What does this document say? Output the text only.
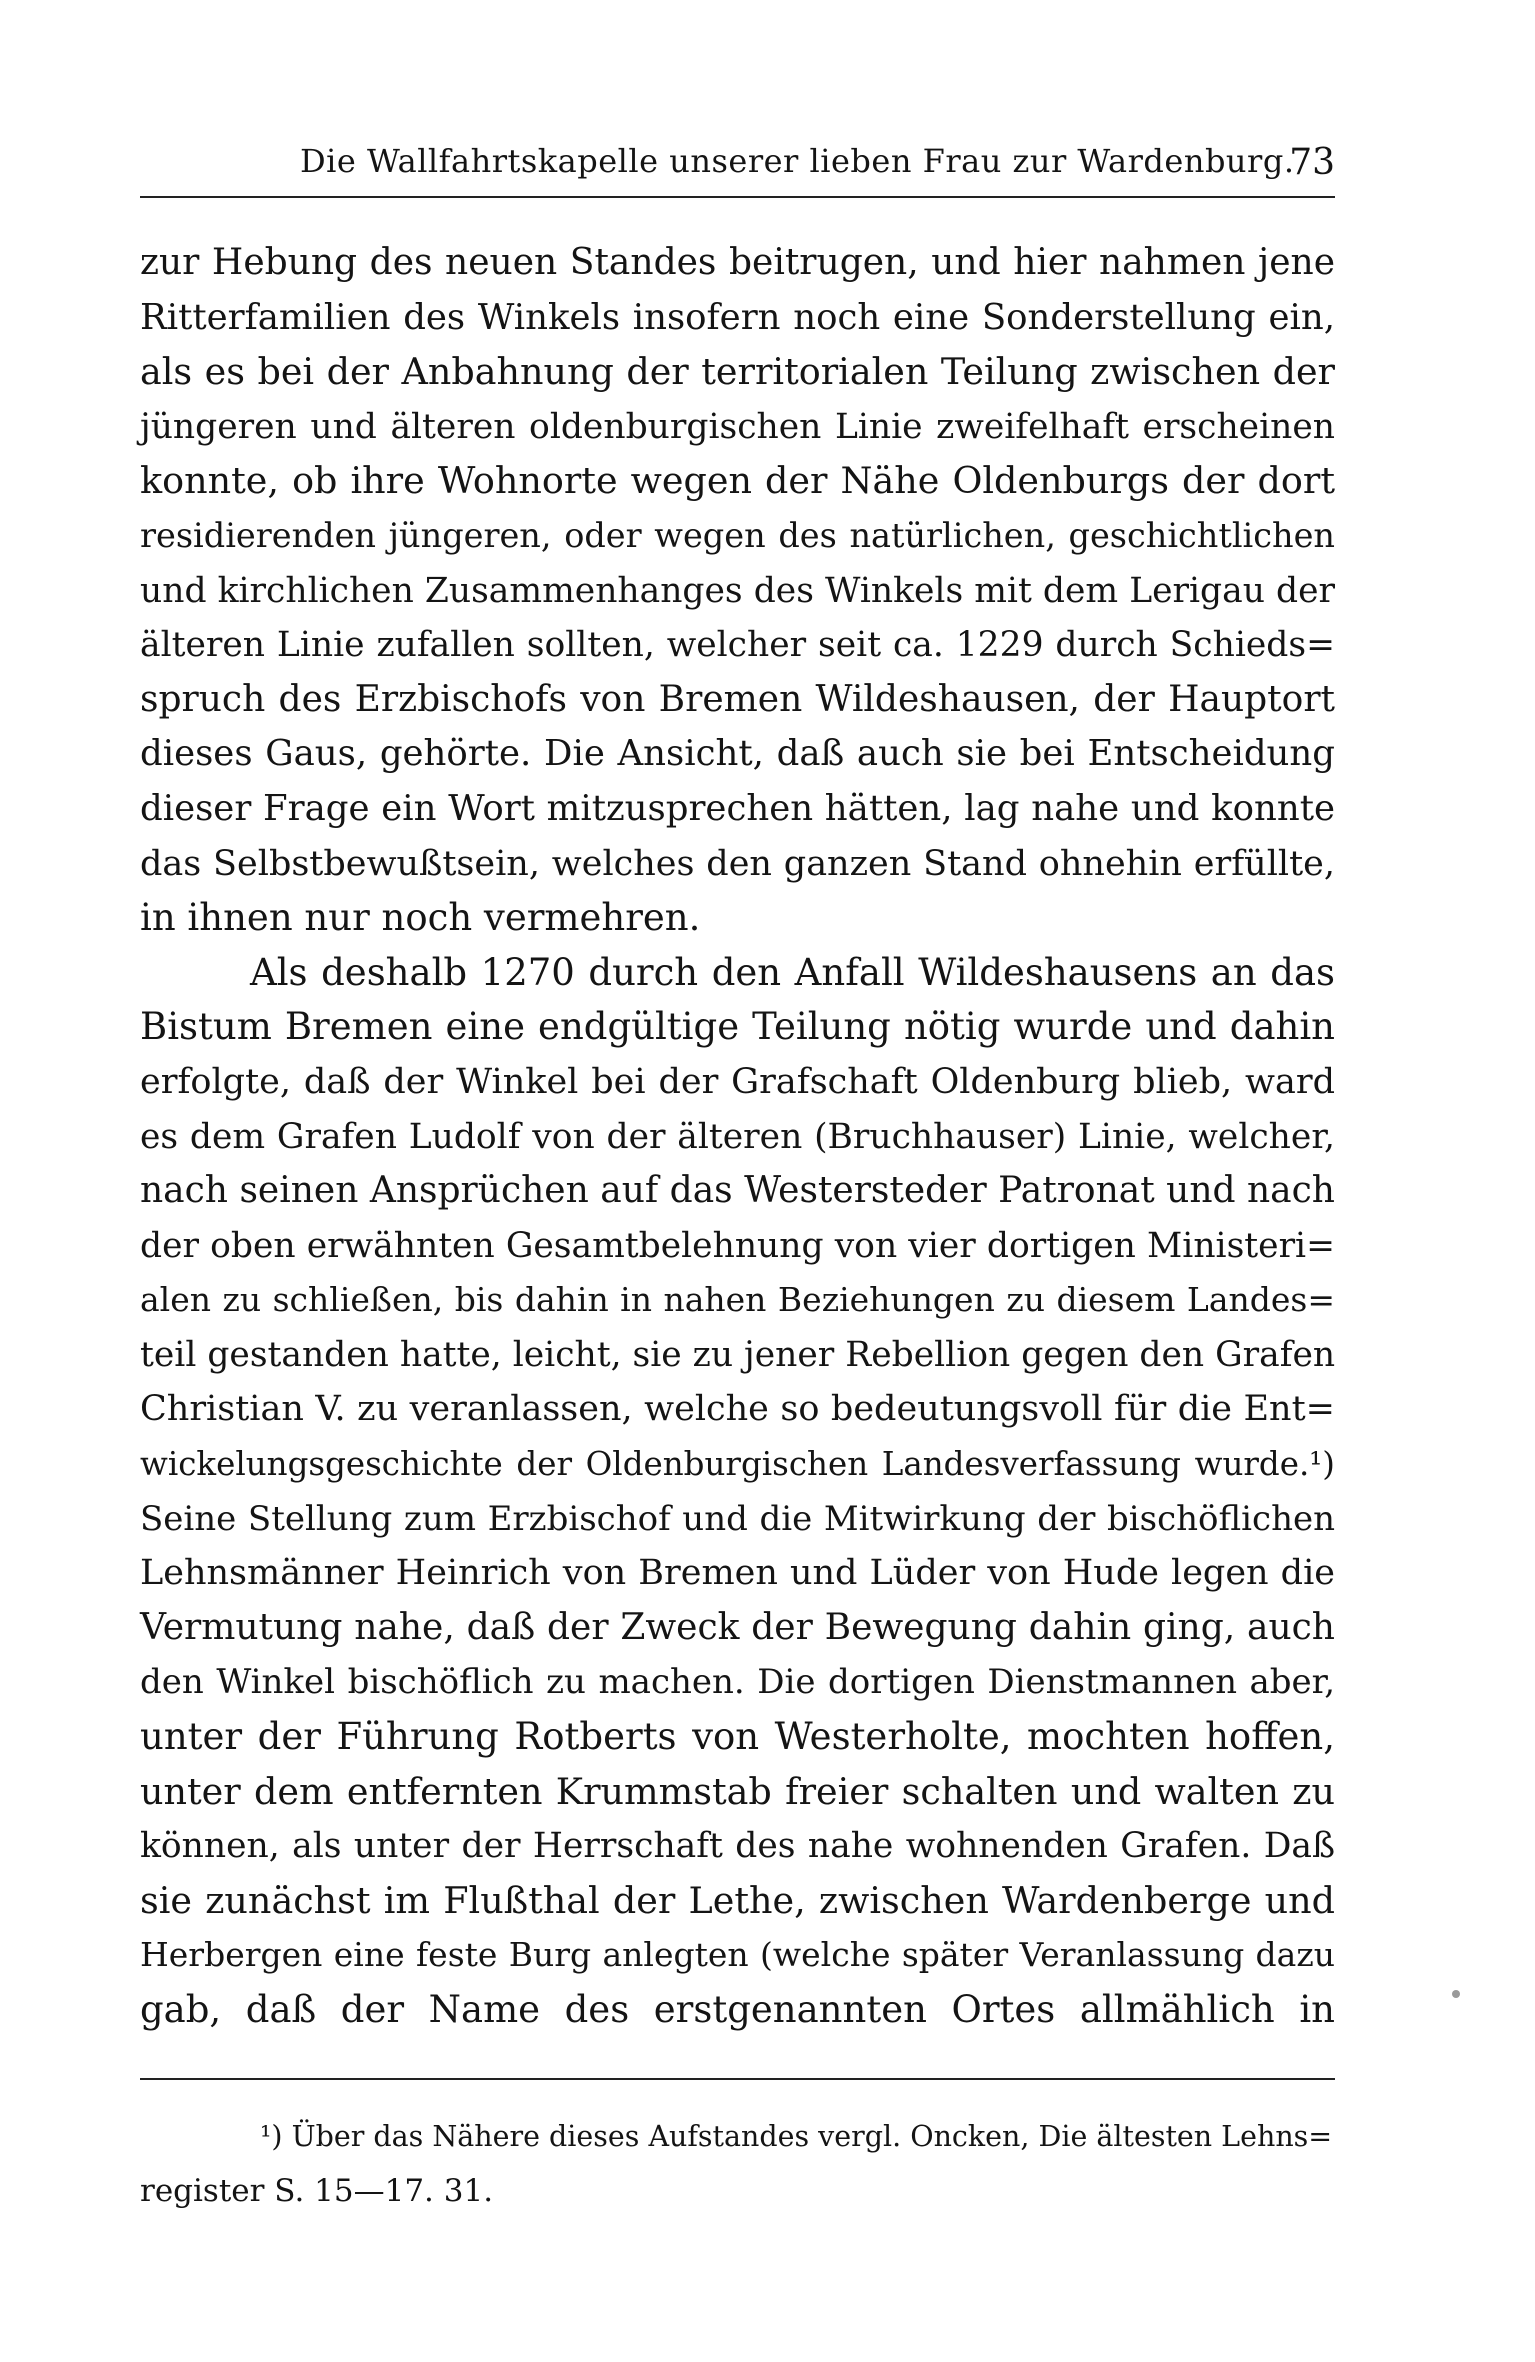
Die Wallfahrtskapelle unserer lieben Frau zur Wardenburg.
73
zur Hebung des neuen Standes beitrugen, und hier nahmen jene
Ritterfamilien des Winkels insofern noch eine Sonderstellung ein,
als es bei der Anbahnung der territorialen Teilung zwischen der
jüngeren und älteren oldenburgischen Linie zweifelhaft erscheinen
konnte, ob ihre Wohnorte wegen der Nähe Oldenburgs der dort
residierenden jüngeren, oder wegen des natürlichen, geschichtlichen
und kirchlichen Zusammenhanges des Winkels mit dem Lerigau der
älteren Linie zufallen sollten, welcher seit ca. 1229 durch Schieds=
spruch des Erzbischofs von Bremen Wildeshausen, der Hauptort
dieses Gaus, gehörte. Die Ansicht, daß auch sie bei Entscheidung
dieser Frage ein Wort mitzusprechen hätten, lag nahe und konnte
das Selbstbewußtsein, welches den ganzen Stand ohnehin erfüllte,
in ihnen nur noch vermehren.
Als deshalb 1270 durch den Anfall Wildeshausens an das
Bistum Bremen eine endgültige Teilung nötig wurde und dahin
erfolgte, daß der Winkel bei der Grafschaft Oldenburg blieb, ward
es dem Grafen Ludolf von der älteren (Bruchhauser) Linie, welcher,
nach seinen Ansprüchen auf das Westersteder Patronat und nach
der oben erwähnten Gesamtbelehnung von vier dortigen Ministeri=
alen zu schließen, bis dahin in nahen Beziehungen zu diesem Landes=
teil gestanden hatte, leicht, sie zu jener Rebellion gegen den Grafen
Christian V. zu veranlassen, welche so bedeutungsvoll für die Ent=
wickelungsgeschichte der Oldenburgischen Landesverfassung wurde.¹)
Seine Stellung zum Erzbischof und die Mitwirkung der bischöflichen
Lehnsmänner Heinrich von Bremen und Lüder von Hude legen die
Vermutung nahe, daß der Zweck der Bewegung dahin ging, auch
den Winkel bischöflich zu machen. Die dortigen Dienstmannen aber,
unter der Führung Rotberts von Westerholte, mochten hoffen,
unter dem entfernten Krummstab freier schalten und walten zu
können, als unter der Herrschaft des nahe wohnenden Grafen. Daß
sie zunächst im Flußthal der Lethe, zwischen Wardenberge und
Herbergen eine feste Burg anlegten (welche später Veranlassung dazu
gab, daß der Name des erstgenannten Ortes allmählich in
¹) Über das Nähere dieses Aufstandes vergl. Oncken, Die ältesten Lehns=
register S. 15—17. 31.
